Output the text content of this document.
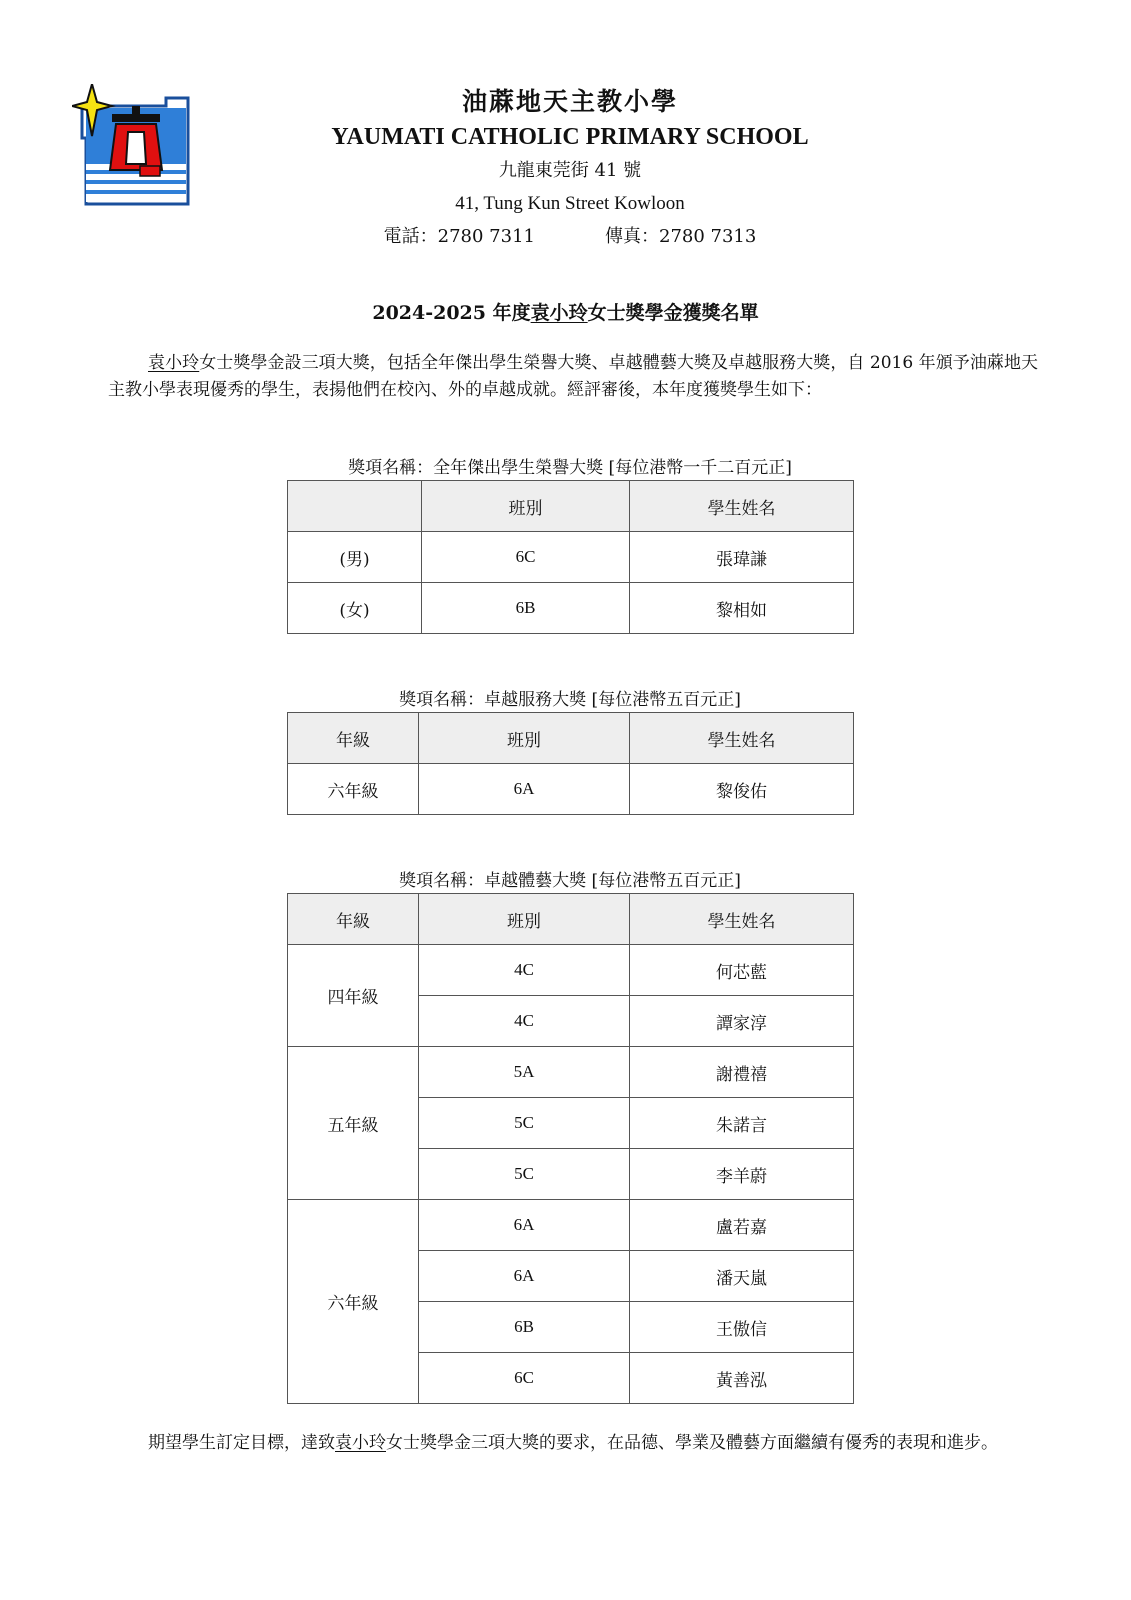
油蔴地天主教小學
YAUMATI CATHOLIC PRIMARY SCHOOL
九龍東莞街 41 號
41, Tung Kun Street Kowloon
電話：2780 7311	傳真：2780 7313
2024-2025 年度袁小玲女士獎學金獲獎名單
袁小玲女士獎學金設三項大獎，包括全年傑出學生榮譽大獎、卓越體藝大獎及卓越服務大獎，自 2016 年頒予油蔴地天主教小學表現優秀的學生，表揚他們在校內、外的卓越成就。經評審後，本年度獲獎學生如下：
獎項名稱：全年傑出學生榮譽大獎 [每位港幣一千二百元正]
	班別	學生姓名
(男)	6C	張瑋謙
(女)	6B	黎相如
獎項名稱：卓越服務大獎 [每位港幣五百元正]
年級	班別	學生姓名
六年級	6A	黎俊佑
獎項名稱：卓越體藝大獎 [每位港幣五百元正]
年級	班別	學生姓名
四年級	4C	何芯藍
	4C	譚家淳
五年級	5A	謝禮禧
	5C	朱諾言
	5C	李羊蔚
六年級	6A	盧若嘉
	6A	潘天嵐
	6B	王傲信
	6C	黃善泓
期望學生訂定目標，達致袁小玲女士獎學金三項大獎的要求，在品德、學業及體藝方面繼續有優秀的表現和進步。
